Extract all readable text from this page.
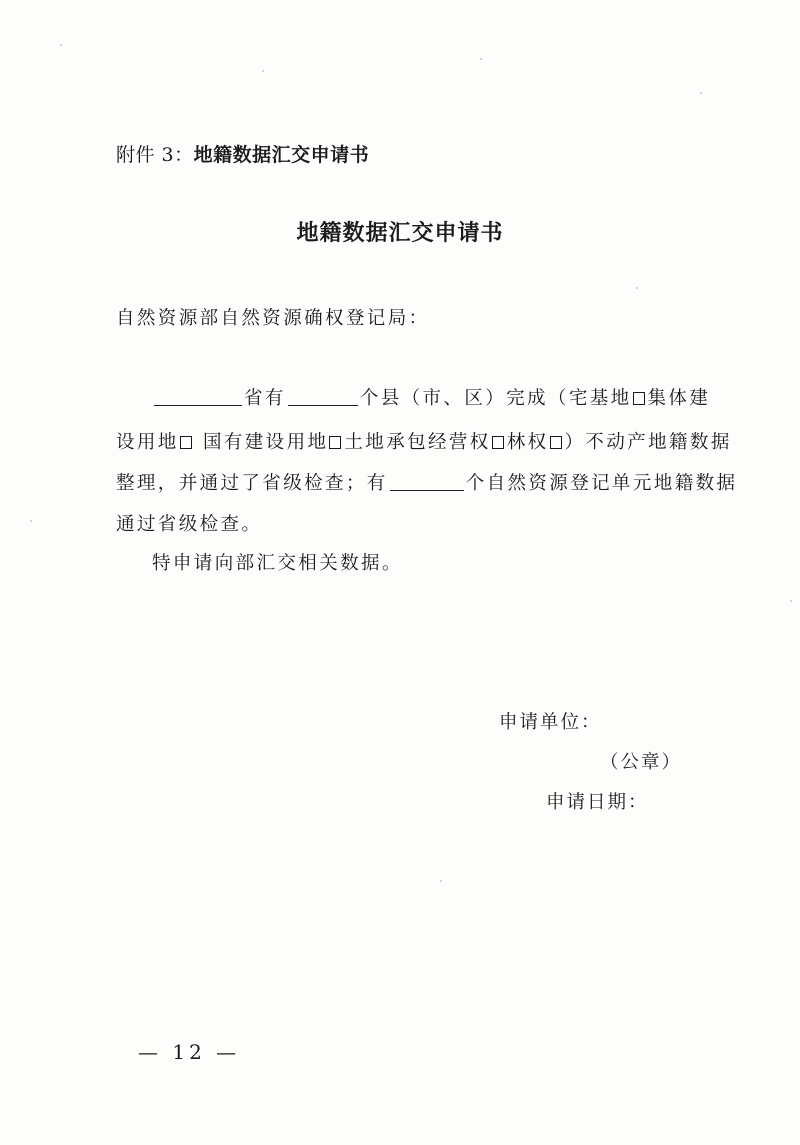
附件 3：地籍数据汇交申请书
地籍数据汇交申请书
自然资源部自然资源确权登记局：
省有	个县（市、区）完成（宅基地 集体建
设用地 国有建设用地 土地承包经营权 林权 ）不动产地籍数据
整理，并通过了省级检查；有	个自然资源登记单元地籍数据
通过省级检查。
特申请向部汇交相关数据。
申请单位：
（公章）
申请日期：
— 12 —
